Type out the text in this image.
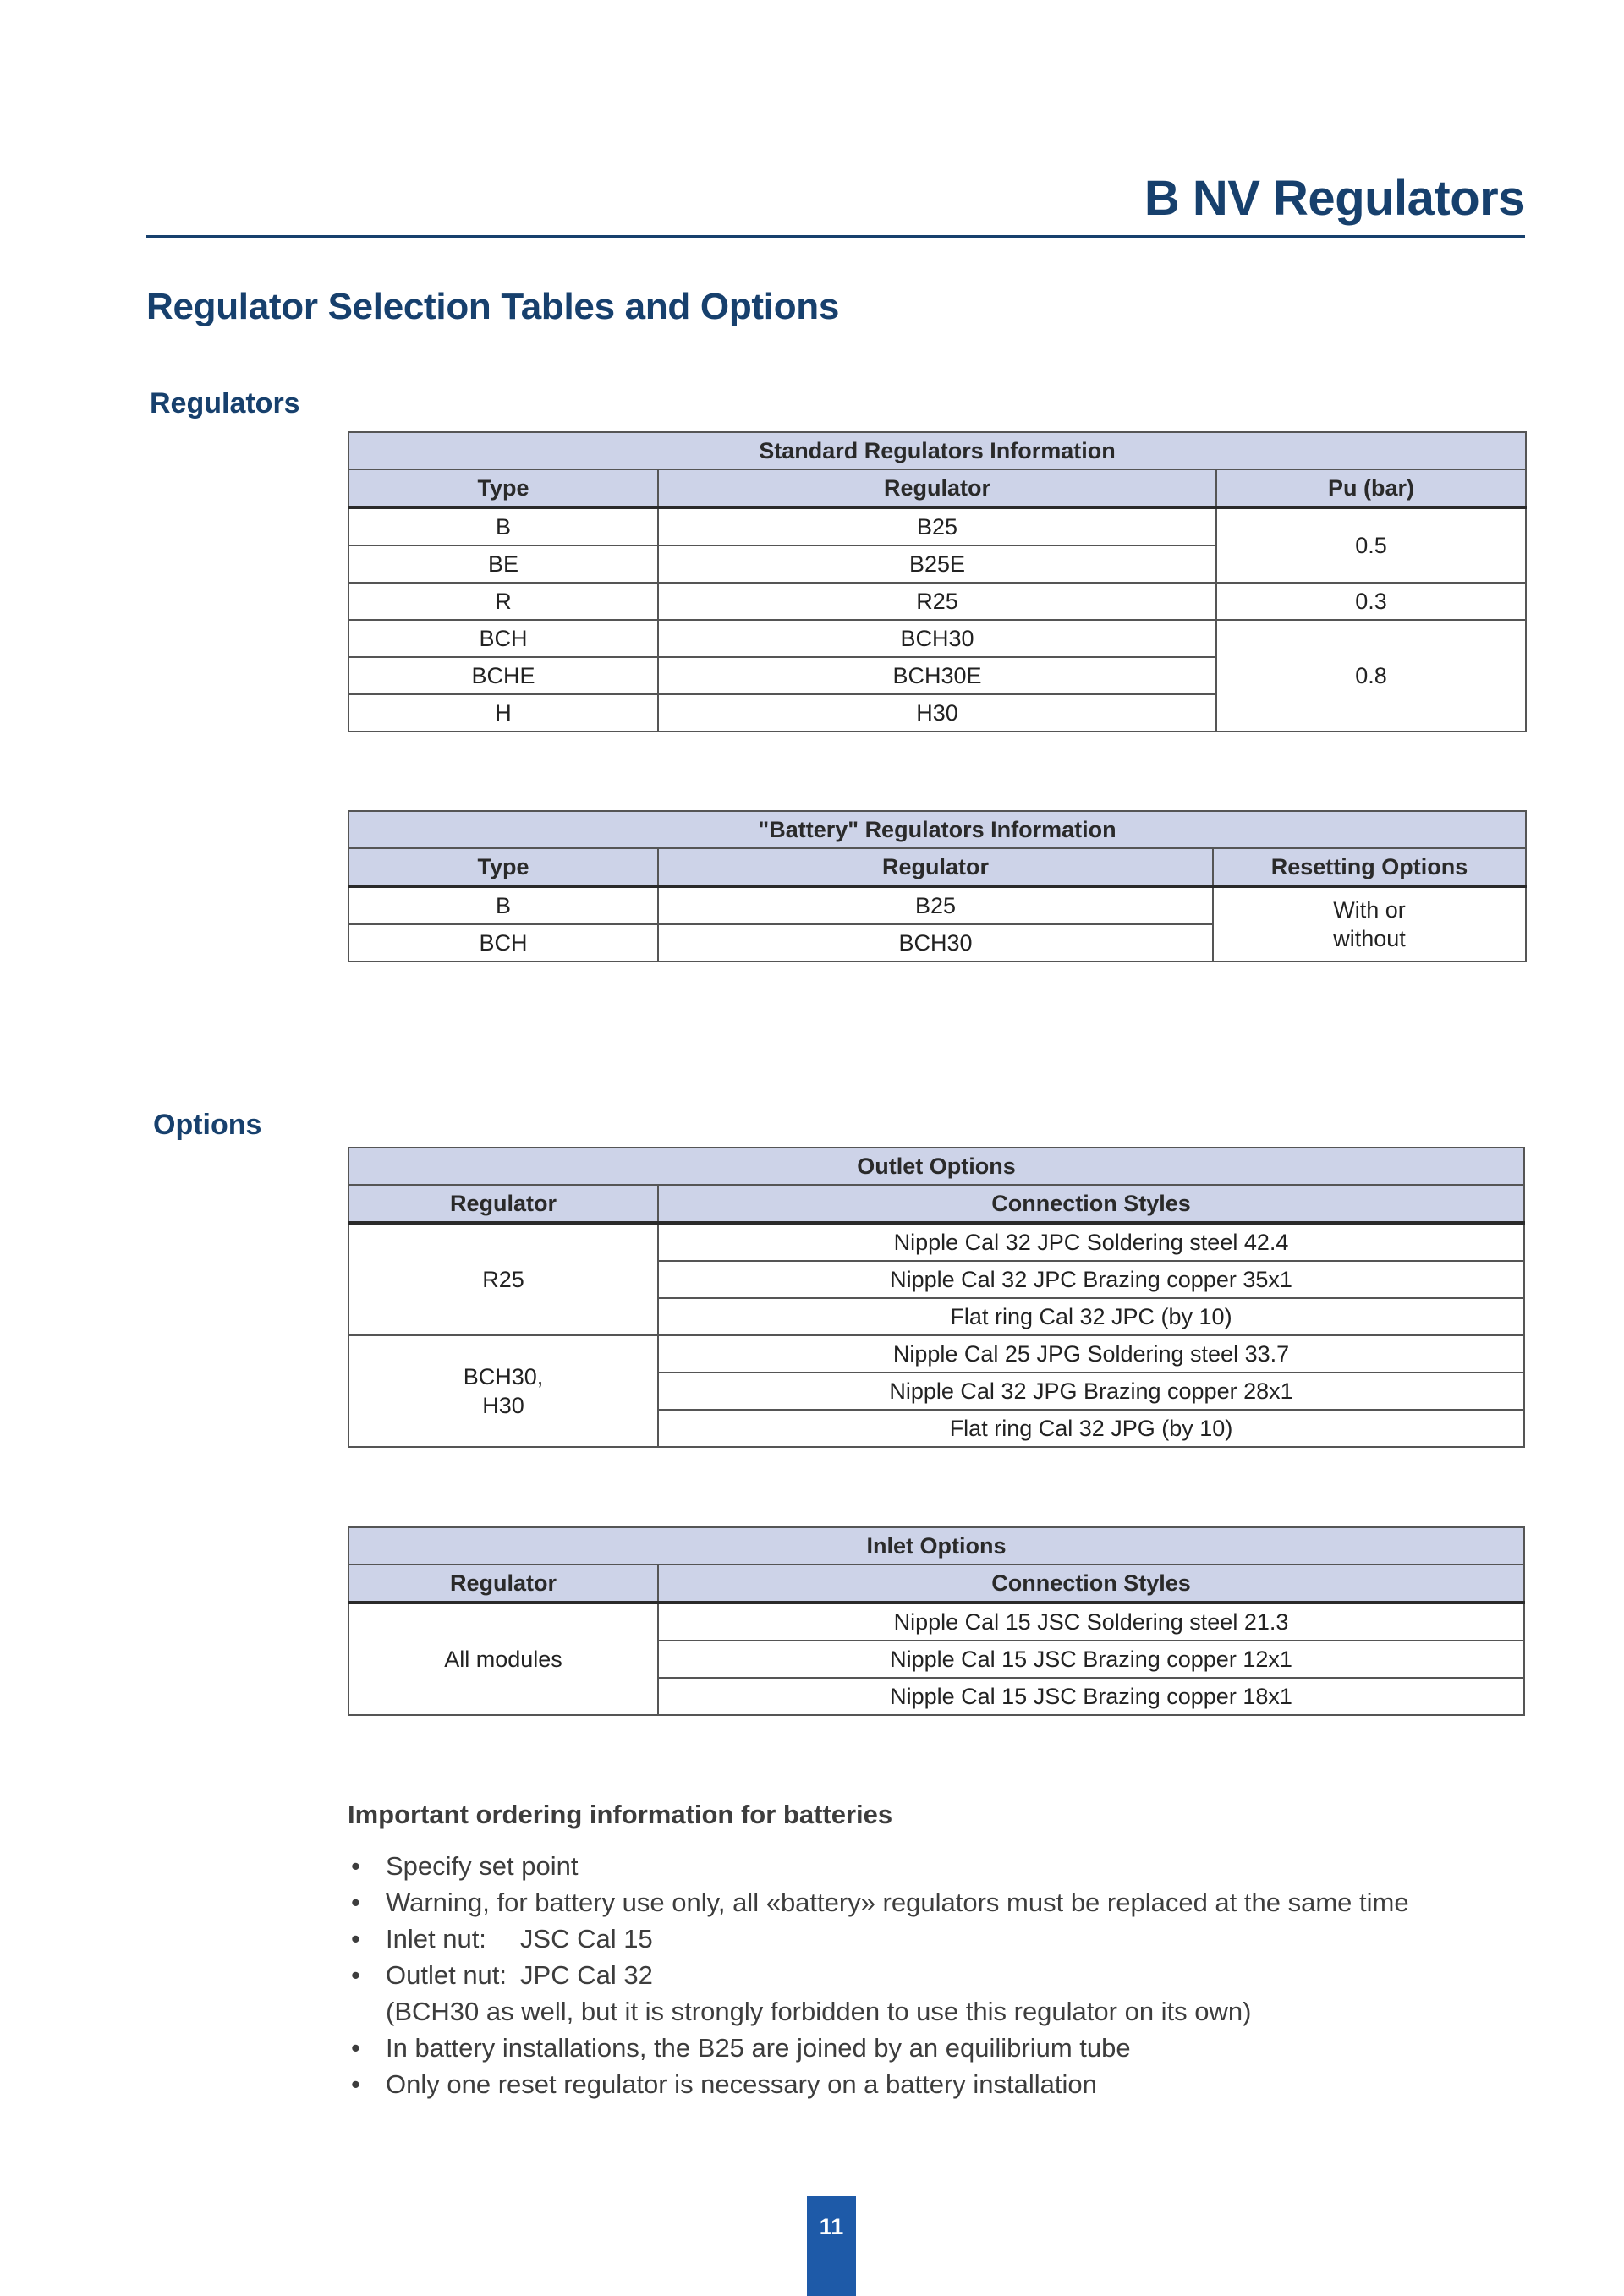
B NV Regulators
Regulator Selection Tables and Options
Regulators
Standard Regulators Information		
Type	Regulator	Pu (bar)
B	B25	0.5
BE	B25E	
R	R25	0.3
BCH	BCH30	0.8
BCHE	BCH30E	
H	H30	
"Battery" Regulators Information		
Type	Regulator	Resetting Options
B	B25	With or
without

BCH	BCH30	
Options
Outlet Options	
Regulator	Connection Styles
R25	Nipple Cal 32 JPC Soldering steel 42.4
	Nipple Cal 32 JPC Brazing copper 35x1
	Flat ring Cal 32 JPC (by 10)

BCH30,
H30	Nipple Cal 25 JPG Soldering steel 33.7
	Nipple Cal 32 JPG Brazing copper 28x1
	Flat ring Cal 32 JPG (by 10)
Inlet Options	
Regulator	Connection Styles
All modules	Nipple Cal 15 JSC Soldering steel 21.3
	Nipple Cal 15 JSC Brazing copper 12x1
	Nipple Cal 15 JSC Brazing copper 18x1
Important ordering information for batteries
• Specify set point
• Warning, for battery use only, all «battery» regulators must be replaced at the same time
• Inlet nut: JSC Cal 15
• Outlet nut: JPC Cal 32
(BCH30 as well, but it is strongly forbidden to use this regulator on its own)
• In battery installations, the B25 are joined by an equilibrium tube
• Only one reset regulator is necessary on a battery installation
11
